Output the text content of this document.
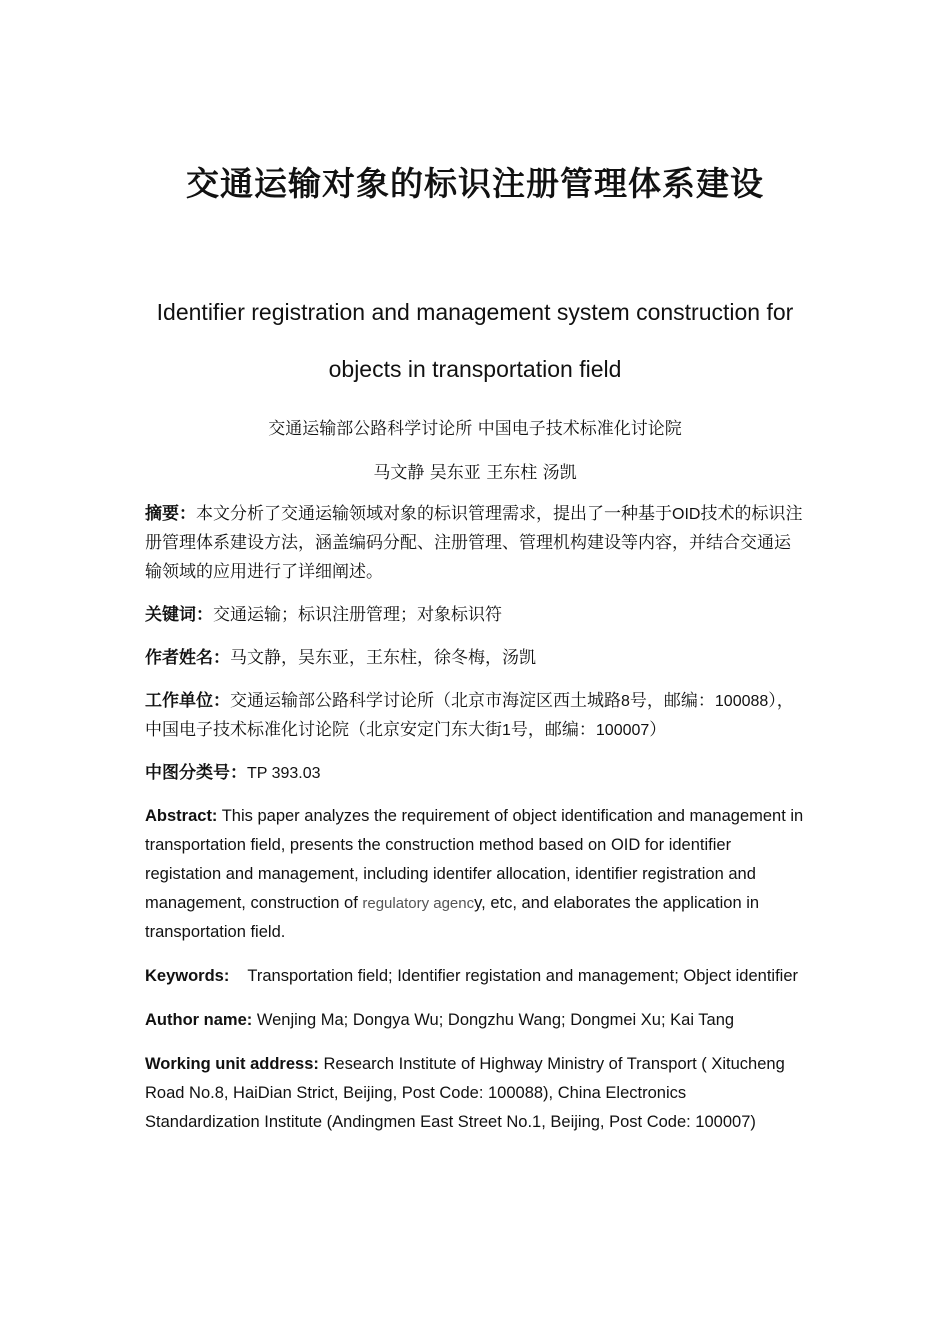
交通运输对象的标识注册管理体系建设
Identifier registration and management system construction for
objects in transportation field
交通运输部公路科学讨论所 中国电子技术标准化讨论院
马文静 吴东亚 王东柱 汤凯

摘要：本文分析了交通运输领域对象的标识管理需求，提出了一种基于OID技术的标识注册管理体系建设方法，涵盖编码分配、注册管理、管理机构建设等内容，并结合交通运输领域的应用进行了详细阐述。

关键词：交通运输；标识注册管理；对象标识符

作者姓名：马文静，吴东亚，王东柱，徐冬梅，汤凯

工作单位：交通运输部公路科学讨论所（北京市海淀区西土城路8号，邮编：100088），中国电子技术标准化讨论院（北京安定门东大街1号，邮编：100007）

中图分类号：TP 393.03

Abstract: This paper analyzes the requirement of object identification and management in transportation field, presents the construction method based on OID for identifier registation and management, including identifer allocation, identifier registration and management, construction of regulatory agency, etc, and elaborates the application in transportation field.

Keywords:    Transportation field; Identifier registation and management; Object identifier

Author name: Wenjing Ma; Dongya Wu; Dongzhu Wang; Dongmei Xu; Kai Tang

Working unit address: Research Institute of Highway Ministry of Transport ( Xitucheng Road No.8, HaiDian Strict, Beijing, Post Code: 100088), China Electronics Standardization Institute (Andingmen East Street No.1, Beijing, Post Code: 100007)
